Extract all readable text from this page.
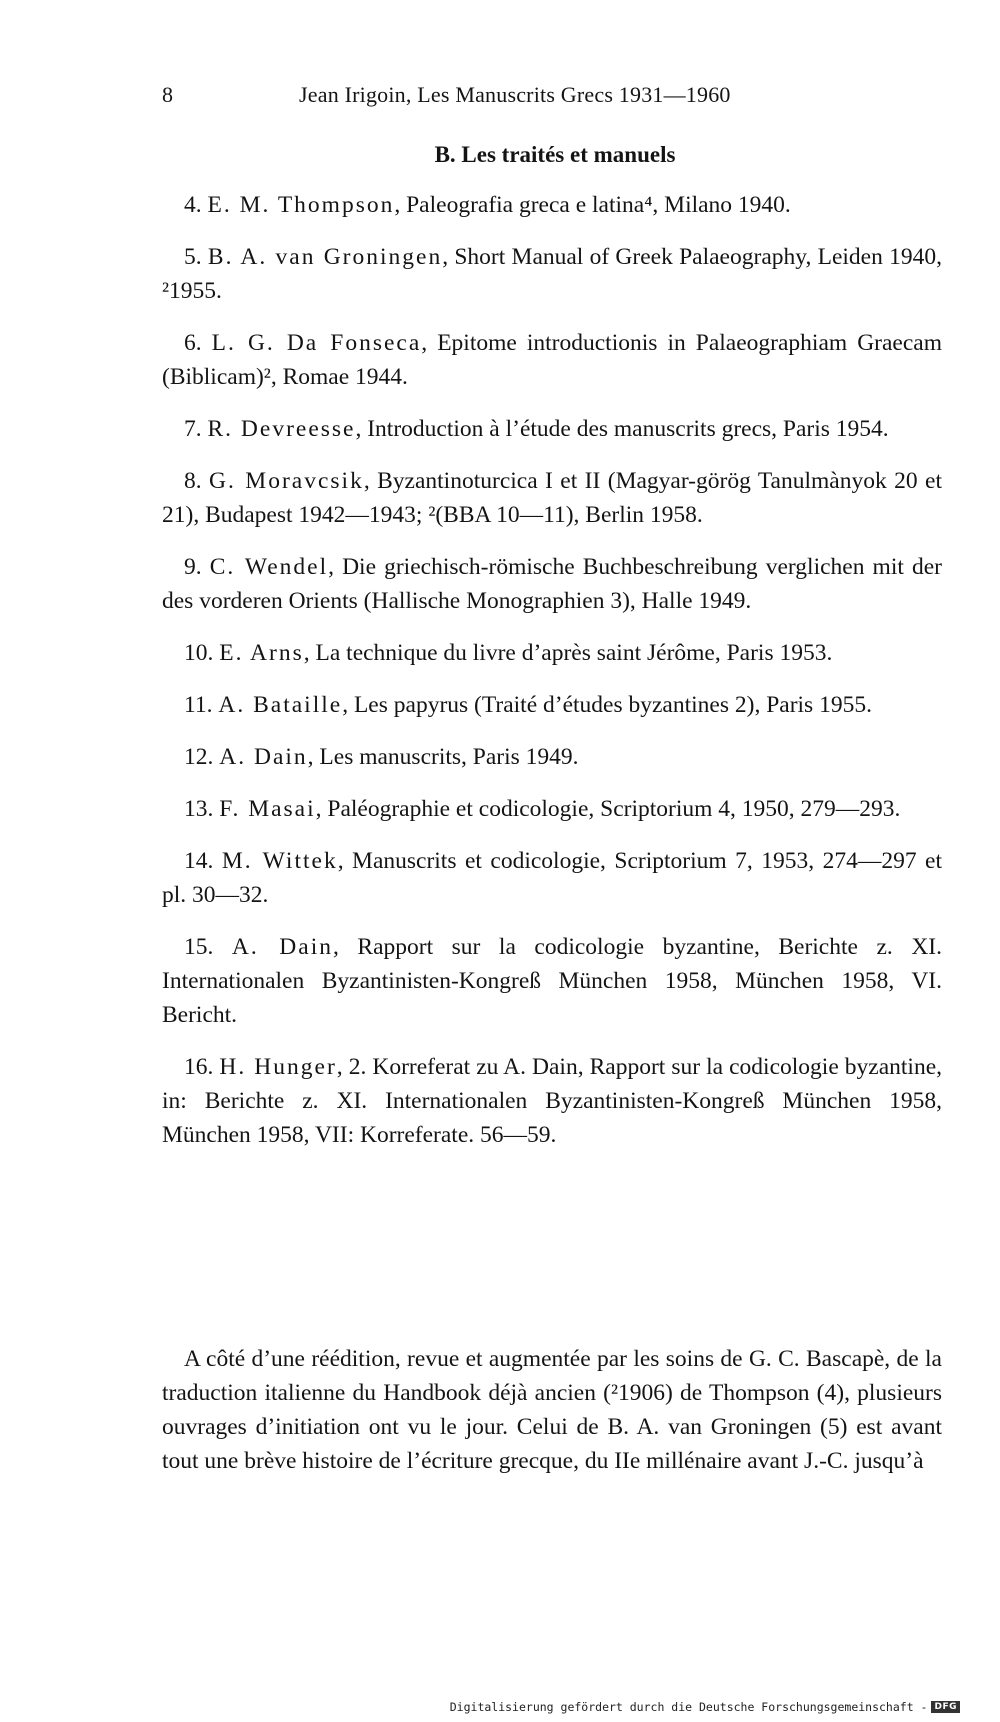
8	Jean Irigoin, Les Manuscrits Grecs 1931—1960
B. Les traités et manuels

4. E. M. Thompson, Paleografia greca e latina⁴, Milano 1940.

5. B. A. van Groningen, Short Manual of Greek Palaeography, Leiden 1940, ²1955.

6. L. G. Da Fonseca, Epitome introductionis in Palaeographiam Graecam (Biblicam)², Romae 1944.

7. R. Devreesse, Introduction à l’étude des manuscrits grecs, Paris 1954.

8. G. Moravcsik, Byzantinoturcica I et II (Magyar-görög Tanulmànyok 20 et 21), Budapest 1942—1943; ²(BBA 10—11), Berlin 1958.

9. C. Wendel, Die griechisch-römische Buchbeschreibung verglichen mit der des vorderen Orients (Hallische Monographien 3), Halle 1949.

10. E. Arns, La technique du livre d’après saint Jérôme, Paris 1953.

11. A. Bataille, Les papyrus (Traité d’études byzantines 2), Paris 1955.

12. A. Dain, Les manuscrits, Paris 1949.

13. F. Masai, Paléographie et codicologie, Scriptorium 4, 1950, 279—293.

14. M. Wittek, Manuscrits et codicologie, Scriptorium 7, 1953, 274—297 et pl. 30—32.

15. A. Dain, Rapport sur la codicologie byzantine, Berichte z. XI. Internationalen Byzantinisten-Kongreß München 1958, München 1958, VI. Bericht.

16. H. Hunger, 2. Korreferat zu A. Dain, Rapport sur la codicologie byzantine, in: Berichte z. XI. Internationalen Byzantinisten-Kongreß München 1958, München 1958, VII: Korreferate. 56—59.

A côté d’une réédition, revue et augmentée par les soins de G. C. Bascapè, de la traduction italienne du Handbook déjà ancien (²1906) de Thompson (4), plusieurs ouvrages d’initiation ont vu le jour. Celui de B. A. van Groningen (5) est avant tout une brève histoire de l’écriture grecque, du IIe millénaire avant J.-C. jusqu’à

Digitalisierung gefördert durch die Deutsche Forschungsgemeinschaft - DFG
